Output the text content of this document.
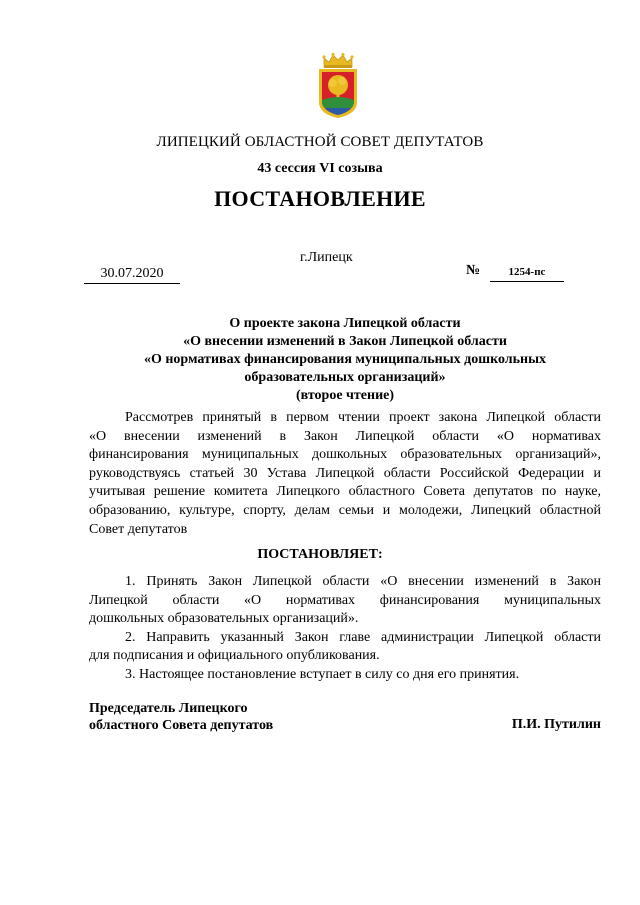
ЛИПЕЦКИЙ ОБЛАСТНОЙ СОВЕТ ДЕПУТАТОВ
43 сессия VI созыва
ПОСТАНОВЛЕНИЕ
г.Липецк
30.07.2020	№	1254-пс
О проекте закона Липецкой области
«О внесении изменений в Закон Липецкой области
«О нормативах финансирования муниципальных дошкольных
образовательных организаций»
(второе чтение)
Рассмотрев принятый в первом чтении проект закона Липецкой области
«О внесении изменений в Закон Липецкой области «О нормативах
финансирования муниципальных дошкольных образовательных организаций»,
руководствуясь статьей 30 Устава Липецкой области Российской Федерации и
учитывая решение комитета Липецкого областного Совета депутатов по науке,
образованию, культуре, спорту, делам семьи и молодежи, Липецкий областной
Совет депутатов
ПОСТАНОВЛЯЕТ:
1. Принять Закон Липецкой области «О внесении изменений в Закон
Липецкой области «О нормативах финансирования муниципальных
дошкольных образовательных организаций».
2. Направить указанный Закон главе администрации Липецкой области
для подписания и официального опубликования.
3. Настоящее постановление вступает в силу со дня его принятия.
Председатель Липецкого
областного Совета депутатов	П.И. Путилин
